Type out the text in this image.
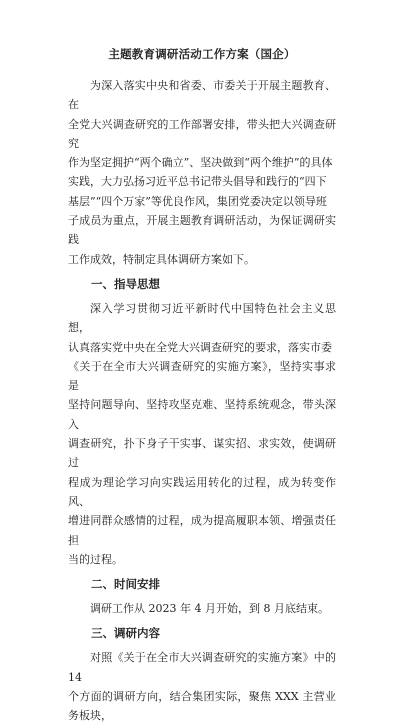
主题教育调研活动工作方案（国企）

为深入落实中央和省委、市委关于开展主题教育、在
全党大兴调查研究的工作部署安排，带头把大兴调查研究
作为坚定拥护“两个确立”、坚决做到“两个维护”的具体
实践，大力弘扬习近平总书记带头倡导和践行的“四下
基层”“四个万家”等优良作风，集团党委决定以领导班
子成员为重点，开展主题教育调研活动，为保证调研实践
工作成效，特制定具体调研方案如下。

一、指导思想

深入学习贯彻习近平新时代中国特色社会主义思想，
认真落实党中央在全党大兴调查研究的要求，落实市委
《关于在全市大兴调查研究的实施方案》，坚持实事求是
坚持问题导向、坚持攻坚克难、坚持系统观念，带头深入
调查研究，扑下身子干实事、谋实招、求实效，使调研过
程成为理论学习向实践运用转化的过程，成为转变作风、
增进同群众感情的过程，成为提高履职本领、增强责任担
当的过程。

二、时间安排

调研工作从 2023 年 4 月开始，到 8 月底结束。

三、调研内容

对照《关于在全市大兴调查研究的实施方案》中的 14
个方面的调研方向，结合集团实际，聚焦 XXX 主营业务板块，
